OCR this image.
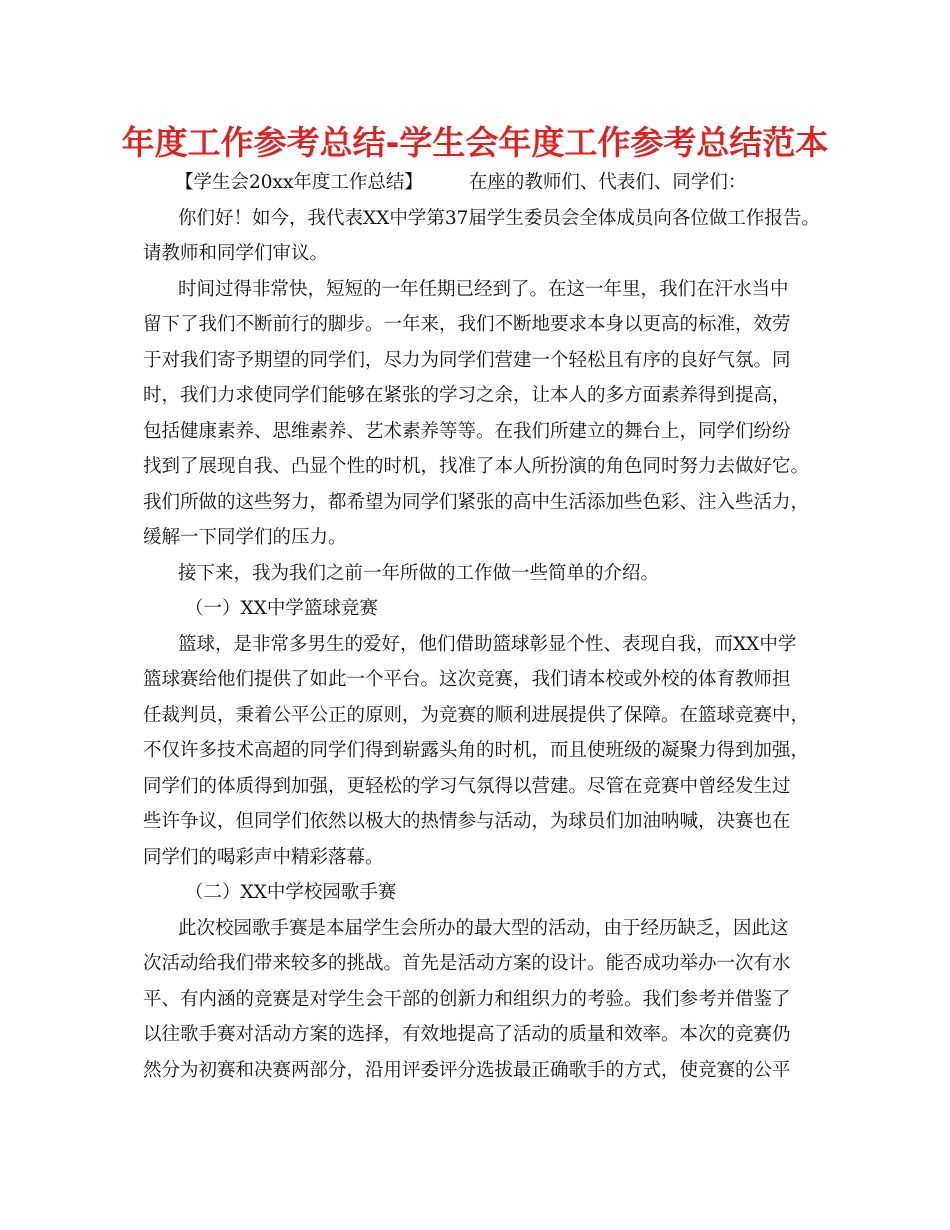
年度工作参考总结-学生会年度工作参考总结范本
【学生会20xx年度工作总结】 在座的教师们、代表们、同学们：
你们好！如今，我代表XX中学第37届学生委员会全体成员向各位做工作报告。
请教师和同学们审议。
时间过得非常快，短短的一年任期已经到了。在这一年里，我们在汗水当中
留下了我们不断前行的脚步。一年来，我们不断地要求本身以更高的标准，效劳
于对我们寄予期望的同学们，尽力为同学们营建一个轻松且有序的良好气氛。同
时，我们力求使同学们能够在紧张的学习之余，让本人的多方面素养得到提高，
包括健康素养、思维素养、艺术素养等等。在我们所建立的舞台上，同学们纷纷
找到了展现自我、凸显个性的时机，找准了本人所扮演的角色同时努力去做好它。
我们所做的这些努力，都希望为同学们紧张的高中生活添加些色彩、注入些活力，
缓解一下同学们的压力。
接下来，我为我们之前一年所做的工作做一些简单的介绍。
（一）XX中学篮球竞赛
篮球，是非常多男生的爱好，他们借助篮球彰显个性、表现自我，而XX中学
篮球赛给他们提供了如此一个平台。这次竞赛，我们请本校或外校的体育教师担
任裁判员，秉着公平公正的原则，为竞赛的顺利进展提供了保障。在篮球竞赛中，
不仅许多技术高超的同学们得到崭露头角的时机，而且使班级的凝聚力得到加强，
同学们的体质得到加强，更轻松的学习气氛得以营建。尽管在竞赛中曾经发生过
些许争议，但同学们依然以极大的热情参与活动，为球员们加油呐喊，决赛也在
同学们的喝彩声中精彩落幕。
（二）XX中学校园歌手赛
此次校园歌手赛是本届学生会所办的最大型的活动，由于经历缺乏，因此这
次活动给我们带来较多的挑战。首先是活动方案的设计。能否成功举办一次有水
平、有内涵的竞赛是对学生会干部的创新力和组织力的考验。我们参考并借鉴了
以往歌手赛对活动方案的选择，有效地提高了活动的质量和效率。本次的竞赛仍
然分为初赛和决赛两部分，沿用评委评分选拔最正确歌手的方式，使竞赛的公平
